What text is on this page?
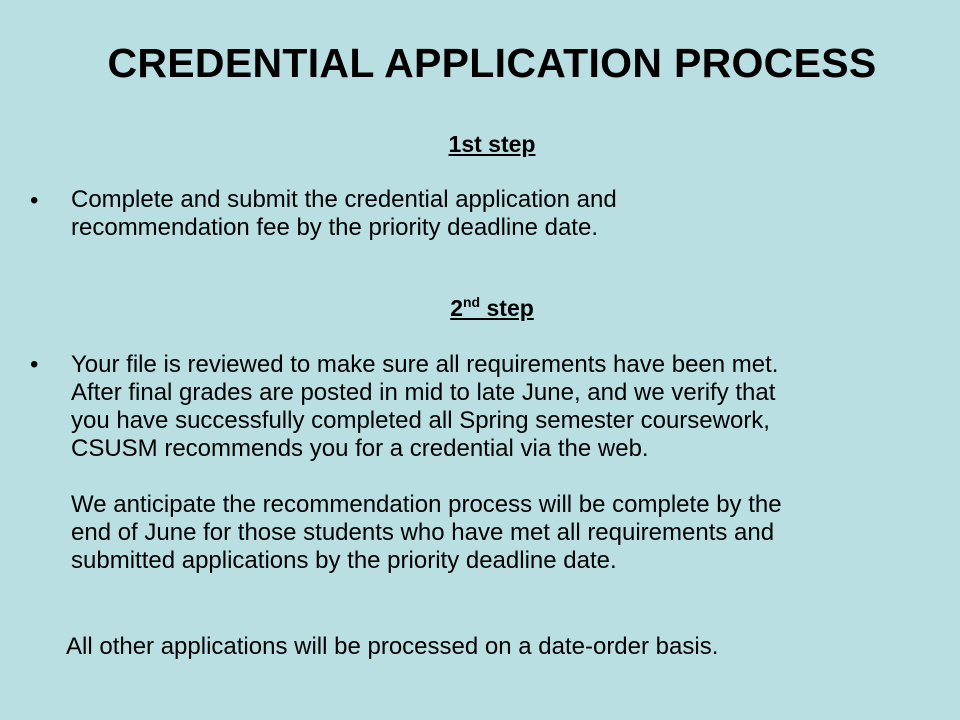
CREDENTIAL APPLICATION PROCESS
1st step
•	Complete and submit the credential application and
recommendation fee by the priority deadline date.
2nd step
•	Your file is reviewed to make sure all requirements have been met.
After final grades are posted in mid to late June, and we verify that
you have successfully completed all Spring semester coursework,
CSUSM recommends you for a credential via the web.
We anticipate the recommendation process will be complete by the
end of June for those students who have met all requirements and
submitted applications by the priority deadline date.
All other applications will be processed on a date-order basis.
